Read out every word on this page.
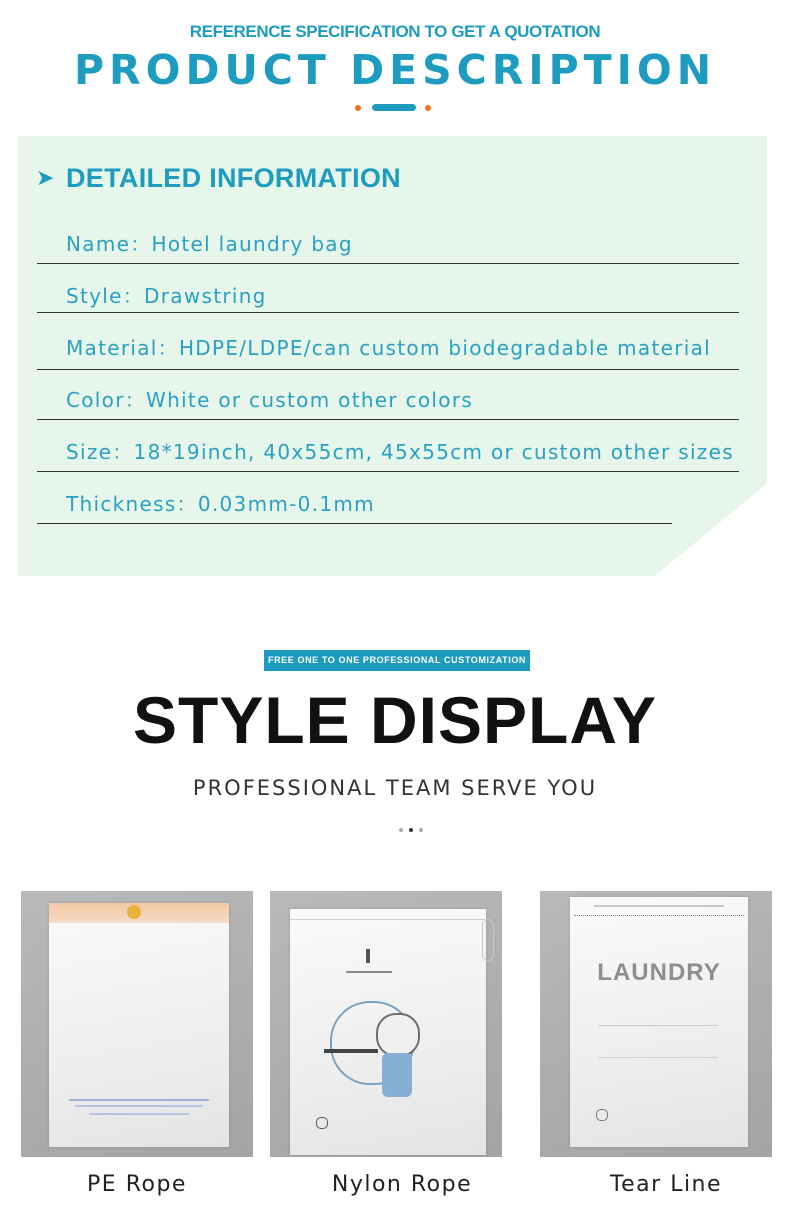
REFERENCE SPECIFICATION TO GET A QUOTATION
PRODUCT DESCRIPTION
➤ DETAILED INFORMATION
Name：Hotel laundry bag
Style：Drawstring
Material：HDPE/LDPE/can custom biodegradable material
Color：White or custom other colors
Size：18*19inch, 40x55cm, 45x55cm or custom other sizes
Thickness：0.03mm-0.1mm
FREE ONE TO ONE PROFESSIONAL CUSTOMIZATION
STYLE DISPLAY
PROFESSIONAL TEAM SERVE YOU
LAUNDRY
PE Rope	Nylon Rope	Tear Line
